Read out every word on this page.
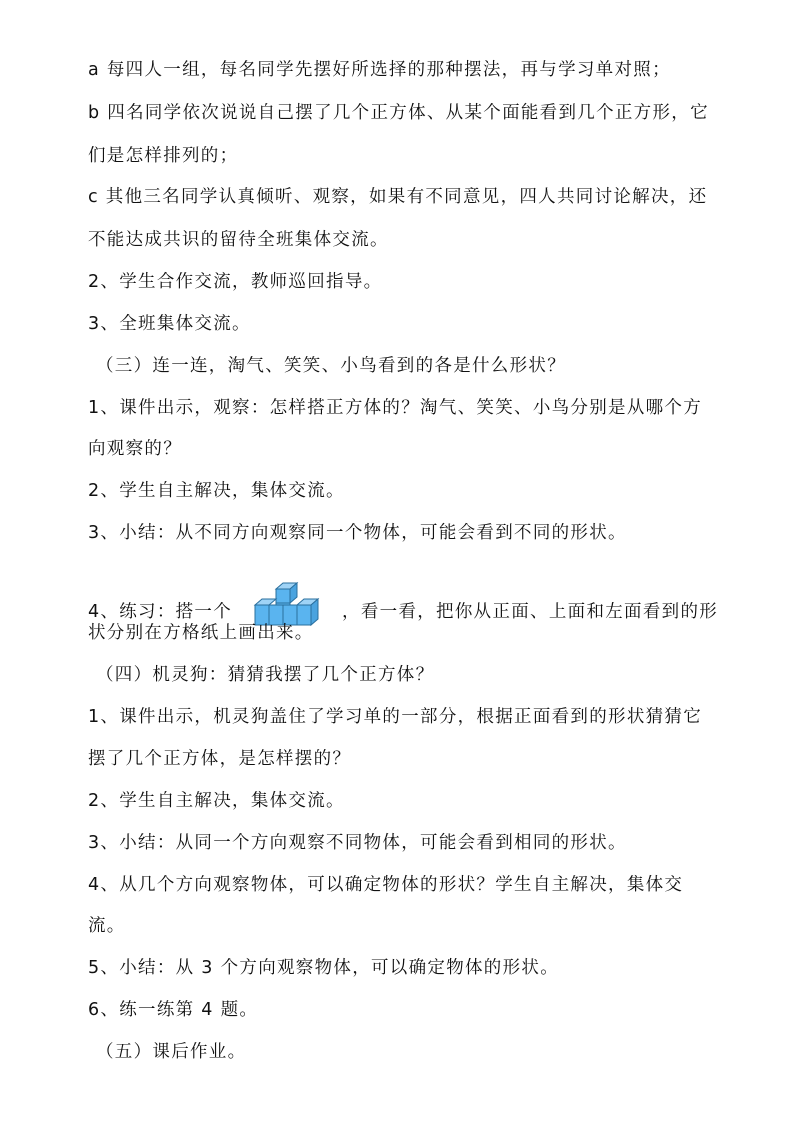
a 每四人一组，每名同学先摆好所选择的那种摆法，再与学习单对照；
b 四名同学依次说说自己摆了几个正方体、从某个面能看到几个正方形，它
们是怎样排列的；
c 其他三名同学认真倾听、观察，如果有不同意见，四人共同讨论解决，还
不能达成共识的留待全班集体交流。
2、学生合作交流，教师巡回指导。
3、全班集体交流。
（三）连一连，淘气、笑笑、小鸟看到的各是什么形状？
1、课件出示，观察：怎样搭正方体的？淘气、笑笑、小鸟分别是从哪个方
向观察的？
2、学生自主解决，集体交流。
3、小结：从不同方向观察同一个物体，可能会看到不同的形状。
4、练习：搭一个	，看一看，把你从正面、上面和左面看到的形
状分别在方格纸上画出来。
（四）机灵狗：猜猜我摆了几个正方体？
1、课件出示，机灵狗盖住了学习单的一部分，根据正面看到的形状猜猜它
摆了几个正方体，是怎样摆的？
2、学生自主解决，集体交流。
3、小结：从同一个方向观察不同物体，可能会看到相同的形状。
4、从几个方向观察物体，可以确定物体的形状？学生自主解决，集体交
流。
5、小结：从 3 个方向观察物体，可以确定物体的形状。
6、练一练第 4 题。
（五）课后作业。
